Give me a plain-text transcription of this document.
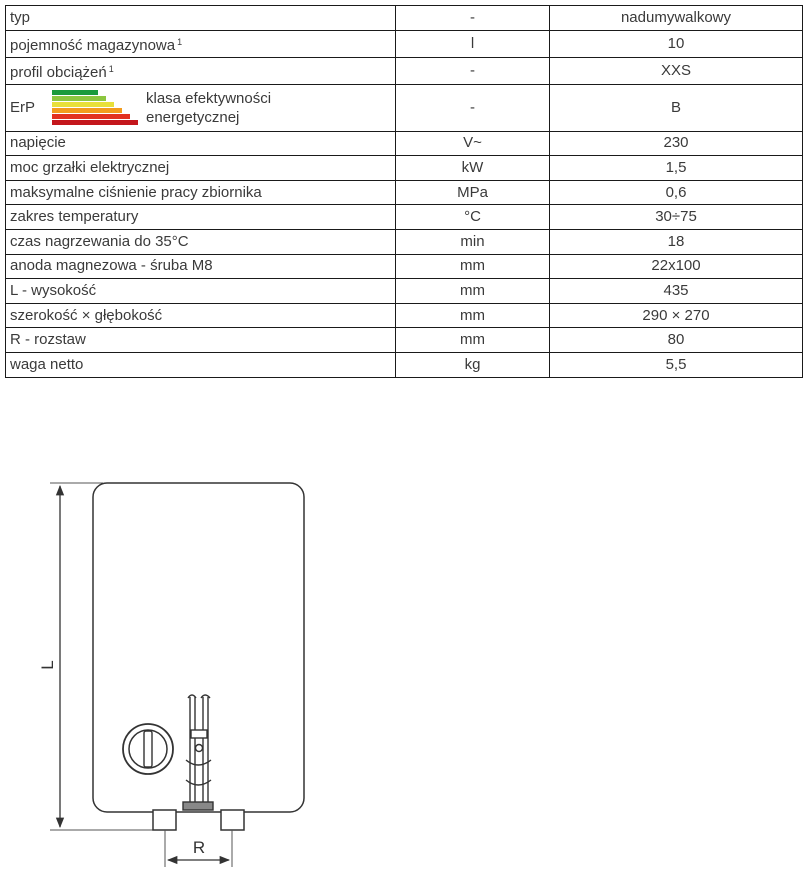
typ	-	nadumywalkowy
pojemność magazynowa $^1$	l	10
profil obciążeń $^1$	-	XXS

ErP
klasa efektywności
energetycznej	-	B
napięcie	V~	230
moc grzałki elektrycznej	kW	1,5
maksymalne ciśnienie pracy zbiornika	MPa	0,6
zakres temperatury	°C	30÷75
czas nagrzewania do 35°C	min	18
anoda magnezowa - śruba M8	mm	22x100
L - wysokość	mm	435
szerokość × głębokość	mm	290 × 270
R - rozstaw	mm	80
waga netto	kg	5,5
L
R
